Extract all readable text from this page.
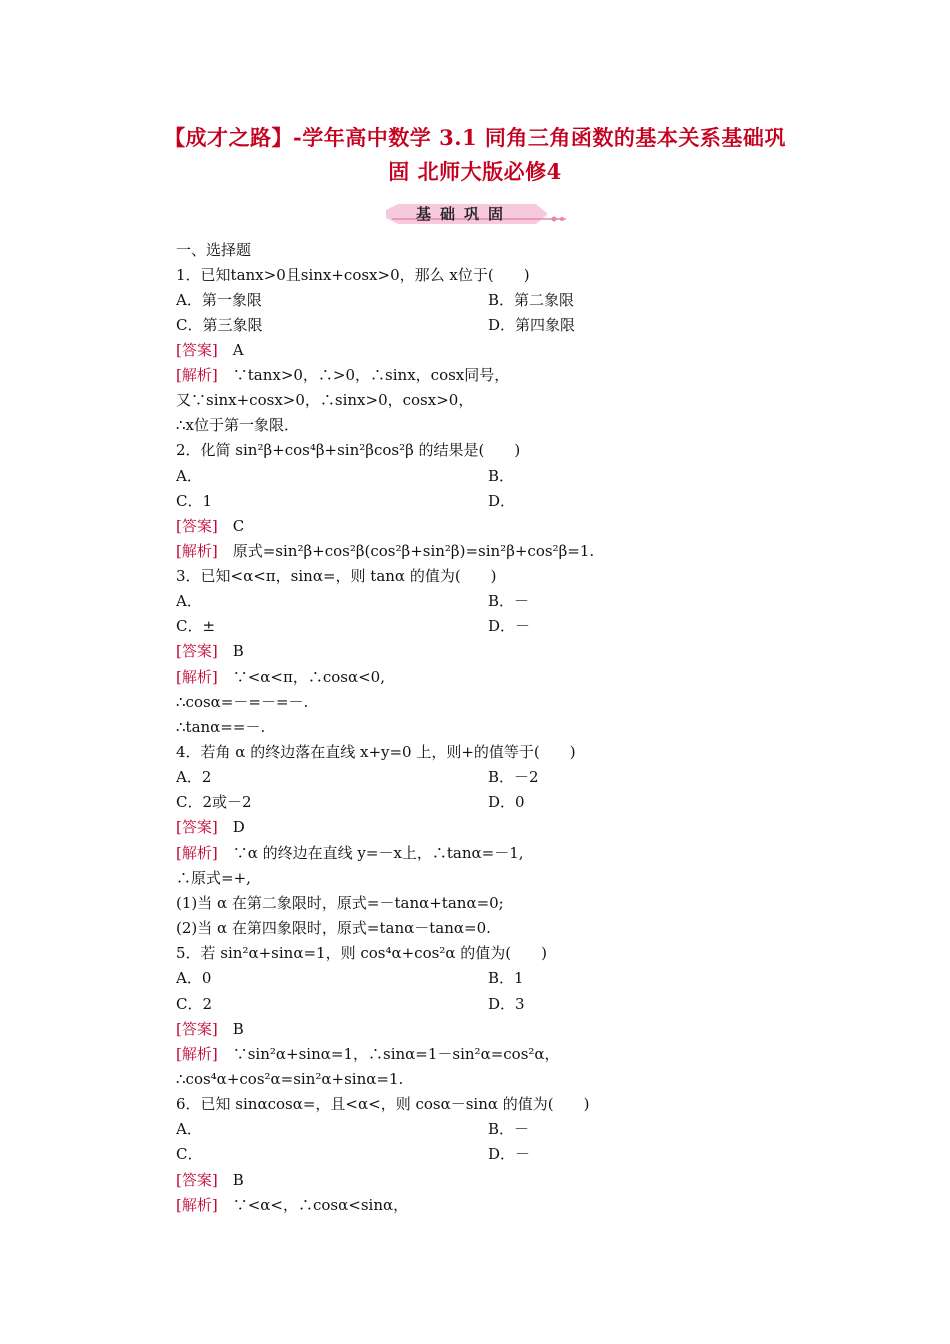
【成才之路】-学年高中数学 3.1 同角三角函数的基本关系基础巩
固 北师大版必修4
基础巩固
一、选择题
1．已知tanx>0且sinx+cosx>0，那么 x位于(　　)
A．第一象限	B．第二象限
C．第三象限	D．第四象限
[答案]　 A
[解析]　 ∵tanx>0，∴>0，∴sinx，cosx同号，
又∵sinx+cosx>0，∴sinx>0，cosx>0，
∴x位于第一象限．
2．化简 sin²β+cos⁴β+sin²βcos²β 的结果是(　　)
A．	B．
C．1	D．
[答案]　 C
[解析]　 原式=sin²β+cos²β(cos²β+sin²β)=sin²β+cos²β=1.
3．已知<α<π，sinα=，则 tanα 的值为(　　)
A．	B．－
C．±	D．－
[答案]　 B
[解析]　 ∵<α<π，∴cosα<0,
∴cosα=－=－=－.
∴tanα==－.
4．若角 α 的终边落在直线 x+y=0 上，则+的值等于(　　)
A．2	B．－2
C．2或－2	D．0
[答案]　 D
[解析]　 ∵α 的终边在直线 y=－x上，∴tanα=－1,
∴原式=+,
(1)当 α 在第二象限时，原式=－tanα+tanα=0;
(2)当 α 在第四象限时，原式=tanα－tanα=0.
5．若 sin²α+sinα=1，则 cos⁴α+cos²α 的值为(　　)
A．0	B．1
C．2	D．3
[答案]　 B
[解析]　 ∵sin²α+sinα=1，∴sinα=1－sin²α=cos²α，
∴cos⁴α+cos²α=sin²α+sinα=1.
6．已知 sinαcosα=，且<α<，则 cosα－sinα 的值为(　　)
A．	B．－
C．	D．－
[答案]　 B
[解析]　 ∵<α<，∴cosα<sinα，
